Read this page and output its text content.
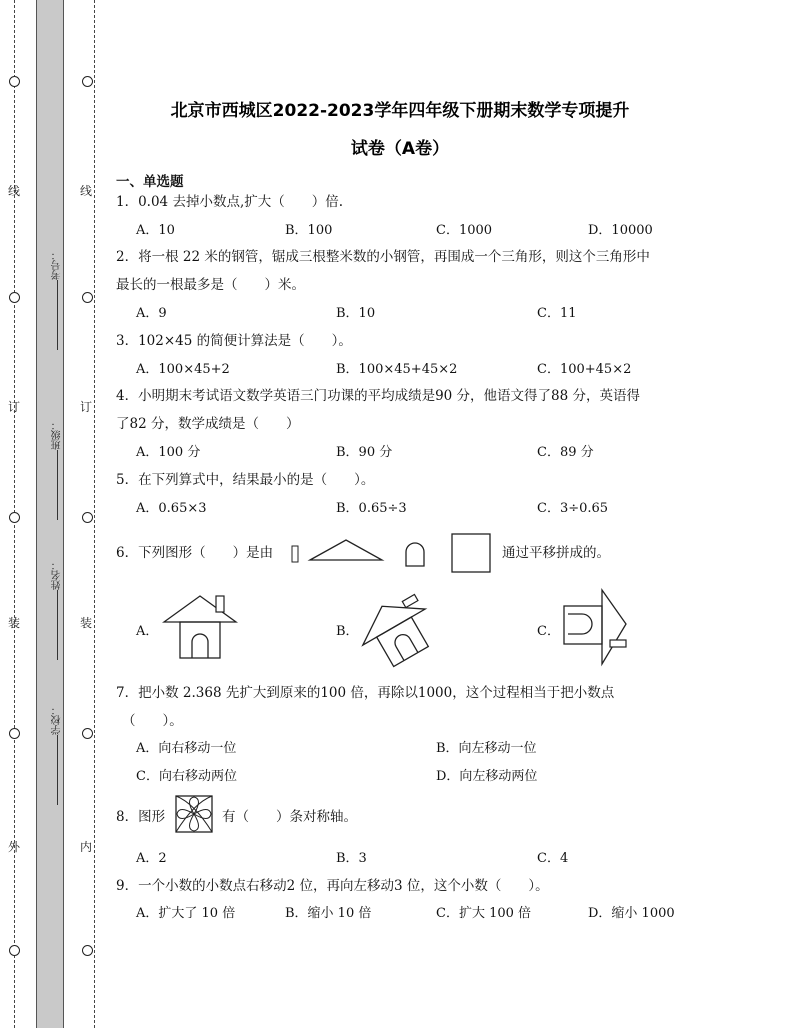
线
订
装
外
线
订
装
内
考号：
班级：
姓名：
学校：
北京市西城区2022-2023学年四年级下册期末数学专项提升
试卷（A卷）
一、单选题
1．0.04 去掉小数点,扩大（　　）倍.
A．10	B．100	C．1000	D．10000
2．将一根 22 米的钢管，锯成三根整米数的小钢管，再围成一个三角形，则这个三角形中
最长的一根最多是（　　）米。
A．9	B．10	C．11
3．102×45 的简便计算法是（　　）。
A．100×45+2	B．100×45+45×2	C．100+45×2
4．小明期末考试语文数学英语三门功课的平均成绩是90 分，他语文得了88 分，英语得
了82 分，数学成绩是（　　）
A．100 分	B．90 分	C．89 分
5．在下列算式中，结果最小的是（　　）。
A．0.65×3	B．0.65÷3	C．3÷0.65
6．下列图形（　　）是由	通过平移拼成的。
A．	B．	C．
7．把小数 2.368 先扩大到原来的100 倍，再除以1000，这个过程相当于把小数点
（　　）。
A．向右移动一位	B．向左移动一位
C．向右移动两位	D．向左移动两位
8．图形	有（　　）条对称轴。
A．2	B．3	C．4
9．一个小数的小数点右移动2 位，再向左移动3 位，这个小数（　　）。
A．扩大了 10 倍	B．缩小 10 倍	C．扩大 100 倍	D．缩小 1000
